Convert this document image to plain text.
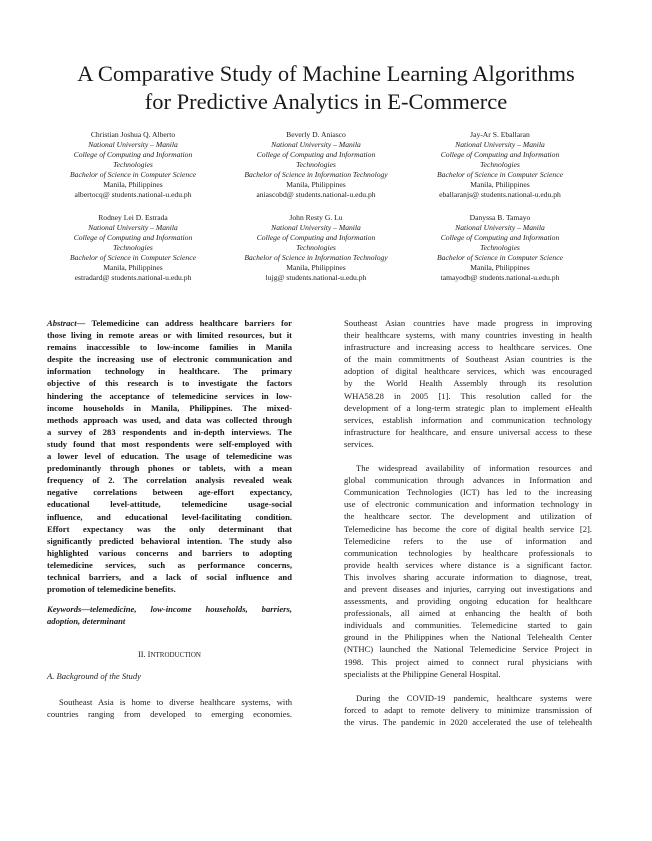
A Comparative Study of Machine Learning Algorithms
for Predictive Analytics in E-Commerce
Christian Joshua Q. Alberto
National University – Manila
College of Computing and Information
Technologies
Bachelor of Science in Computer Science
Manila, Philippines
albertocq@ students.national-u.edu.ph
Beverly D. Aniasco
National University – Manila
College of Computing and Information
Technologies
Bachelor of Science in Information Technology
Manila, Philippines
aniascobd@ students.national-u.edu.ph
Jay-Ar S. Eballaran
National University – Manila
College of Computing and Information
Technologies
Bachelor of Science in Computer Science
Manila, Philippines
eballaranjs@ students.national-u.edu.ph
Rodney Lei D. Estrada
National University – Manila
College of Computing and Information
Technologies
Bachelor of Science in Computer Science
Manila, Philippines
estradard@ students.national-u.edu.ph
John Resty G. Lu
National University – Manila
College of Computing and Information
Technologies
Bachelor of Science in Information Technology
Manila, Philippines
lujg@ students.national-u.edu.ph
Danyssa B. Tamayo
National University – Manila
College of Computing and Information
Technologies
Bachelor of Science in Computer Science
Manila, Philippines
tamayodb@ students.national-u.edu.ph
Abstract— Telemedicine can address healthcare barriers for
those living in remote areas or with limited resources, but it
remains inaccessible to low-income families in Manila
despite the increasing use of electronic communication and
information technology in healthcare. The primary
objective of this research is to investigate the factors
hindering the acceptance of telemedicine services in low-
income households in Manila, Philippines. The mixed-
methods approach was used, and data was collected through
a survey of 283 respondents and in-depth interviews. The
study found that most respondents were self-employed with
a lower level of education. The usage of telemedicine was
predominantly through phones or tablets, with a mean
frequency of 2. The correlation analysis revealed weak
negative correlations between age-effort expectancy,
educational level-attitude, telemedicine usage-social
influence, and educational level-facilitating condition.
Effort expectancy was the only determinant that
significantly predicted behavioral intention. The study also
highlighted various concerns and barriers to adopting
telemedicine services, such as performance concerns,
technical barriers, and a lack of social influence and
promotion of telemedicine benefits.
Keywords—telemedicine, low-income households, barriers,
adoption, determinant
II. INTRODUCTION
A. Background of the Study
Southeast Asia is home to diverse healthcare systems, with
countries ranging from developed to emerging economies.
Southeast Asian countries have made progress in improving
their healthcare systems, with many countries investing in health
infrastructure and increasing access to healthcare services. One
of the main commitments of Southeast Asian countries is the
adoption of digital healthcare services, which was encouraged
by the World Health Assembly through its resolution
WHA58.28 in 2005 [1]. This resolution called for the
development of a long-term strategic plan to implement eHealth
services, establish information and communication technology
infrastructure for healthcare, and ensure universal access to these
services.
The widespread availability of information resources and
global communication through advances in Information and
Communication Technologies (ICT) has led to the increasing
use of electronic communication and information technology in
the healthcare sector. The development and utilization of
Telemedicine has become the core of digital health service [2].
Telemedicine refers to the use of information and
communication technologies by healthcare professionals to
provide health services where distance is a significant factor.
This involves sharing accurate information to diagnose, treat,
and prevent diseases and injuries, carrying out investigations and
assessments, and providing ongoing education for healthcare
professionals, all aimed at enhancing the health of both
individuals and communities. Telemedicine started to gain
ground in the Philippines when the National Telehealth Center
(NTHC) launched the National Telemedicine Service Project in
1998. This project aimed to connect rural physicians with
specialists at the Philippine General Hospital.
During the COVID-19 pandemic, healthcare systems were
forced to adapt to remote delivery to minimize transmission of
the virus. The pandemic in 2020 accelerated the use of telehealth
